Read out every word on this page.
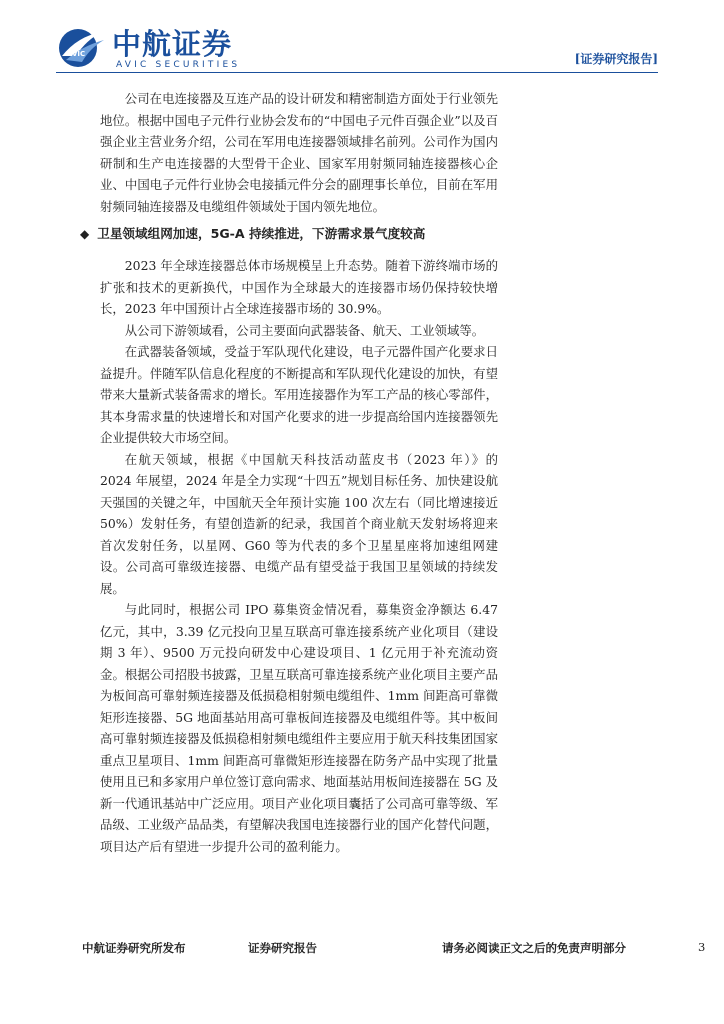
AVIC 中航证券
AVIC SECURITIES	[证券研究报告]

公司在电连接器及互连产品的设计研发和精密制造方面处于行业领先地位。根据中国电子元件行业协会发布的“中国电子元件百强企业”以及百强企业主营业务介绍，公司在军用电连接器领域排名前列。公司作为国内研制和生产电连接器的大型骨干企业、国家军用射频同轴连接器核心企业、中国电子元件行业协会电接插元件分会的副理事长单位，目前在军用射频同轴连接器及电缆组件领域处于国内领先地位。

◆ 卫星领域组网加速，5G-A 持续推进，下游需求景气度较高

2023 年全球连接器总体市场规模呈上升态势。随着下游终端市场的扩张和技术的更新换代，中国作为全球最大的连接器市场仍保持较快增长，2023 年中国预计占全球连接器市场的 30.9%。

从公司下游领域看，公司主要面向武器装备、航天、工业领域等。

在武器装备领域，受益于军队现代化建设，电子元器件国产化要求日益提升。伴随军队信息化程度的不断提高和军队现代化建设的加快，有望带来大量新式装备需求的增长。军用连接器作为军工产品的核心零部件，其本身需求量的快速增长和对国产化要求的进一步提高给国内连接器领先企业提供较大市场空间。

在航天领域，根据《中国航天科技活动蓝皮书（2023 年）》的 2024 年展望，2024 年是全力实现“十四五”规划目标任务、加快建设航天强国的关键之年，中国航天全年预计实施 100 次左右（同比增速接近 50%）发射任务，有望创造新的纪录，我国首个商业航天发射场将迎来首次发射任务，以星网、G60 等为代表的多个卫星星座将加速组网建设。公司高可靠级连接器、电缆产品有望受益于我国卫星领域的持续发展。

与此同时，根据公司 IPO 募集资金情况看，募集资金净额达 6.47 亿元，其中，3.39 亿元投向卫星互联高可靠连接系统产业化项目（建设期 3 年）、9500 万元投向研发中心建设项目、1 亿元用于补充流动资金。根据公司招股书披露，卫星互联高可靠连接系统产业化项目主要产品为板间高可靠射频连接器及低损稳相射频电缆组件、1mm 间距高可靠微矩形连接器、5G 地面基站用高可靠板间连接器及电缆组件等。其中板间高可靠射频连接器及低损稳相射频电缆组件主要应用于航天科技集团国家重点卫星项目、1mm 间距高可靠微矩形连接器在防务产品中实现了批量使用且已和多家用户单位签订意向需求、地面基站用板间连接器在 5G 及新一代通讯基站中广泛应用。项目产业化项目囊括了公司高可靠等级、军品级、工业级产品品类，有望解决我国电连接器行业的国产化替代问题，项目达产后有望进一步提升公司的盈利能力。

中航证券研究所发布	证券研究报告	请务必阅读正文之后的免责声明部分	3
